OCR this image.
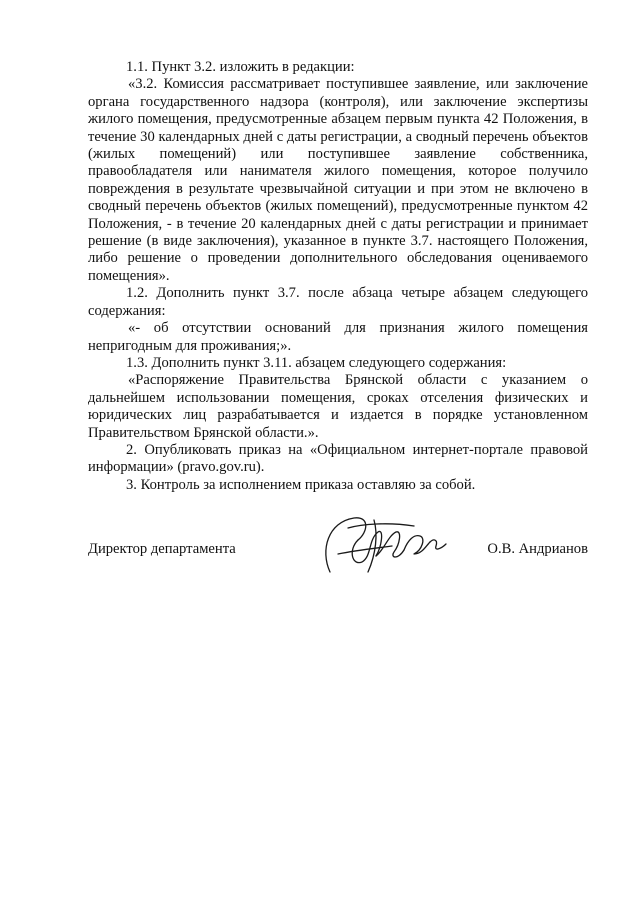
1.1. Пункт 3.2. изложить в редакции:

«3.2. Комиссия рассматривает поступившее заявление, или заключение органа государственного надзора (контроля), или заключение экспертизы жилого помещения, предусмотренные абзацем первым пункта 42 Положения, в течение 30 календарных дней с даты регистрации, а сводный перечень объектов (жилых помещений) или поступившее заявление собственника, правообладателя или нанимателя жилого помещения, которое получило повреждения в результате чрезвычайной ситуации и при этом не включено в сводный перечень объектов (жилых помещений), предусмотренные пунктом 42 Положения, - в течение 20 календарных дней с даты регистрации и принимает решение (в виде заключения), указанное в пункте 3.7. настоящего Положения, либо решение о проведении дополнительного обследования оцениваемого помещения».

1.2. Дополнить пункт 3.7. после абзаца четыре абзацем следующего содержания:

«- об отсутствии оснований для признания жилого помещения непригодным для проживания;».

1.3. Дополнить пункт 3.11. абзацем следующего содержания:

«Распоряжение Правительства Брянской области с указанием о дальнейшем использовании помещения, сроках отселения физических и юридических лиц разрабатывается и издается в порядке установленном Правительством Брянской области.».

2. Опубликовать приказ на «Официальном интернет-портале правовой информации» (pravo.gov.ru).

3. Контроль за исполнением приказа оставляю за собой.

Директор департамента	О.В. Андрианов
